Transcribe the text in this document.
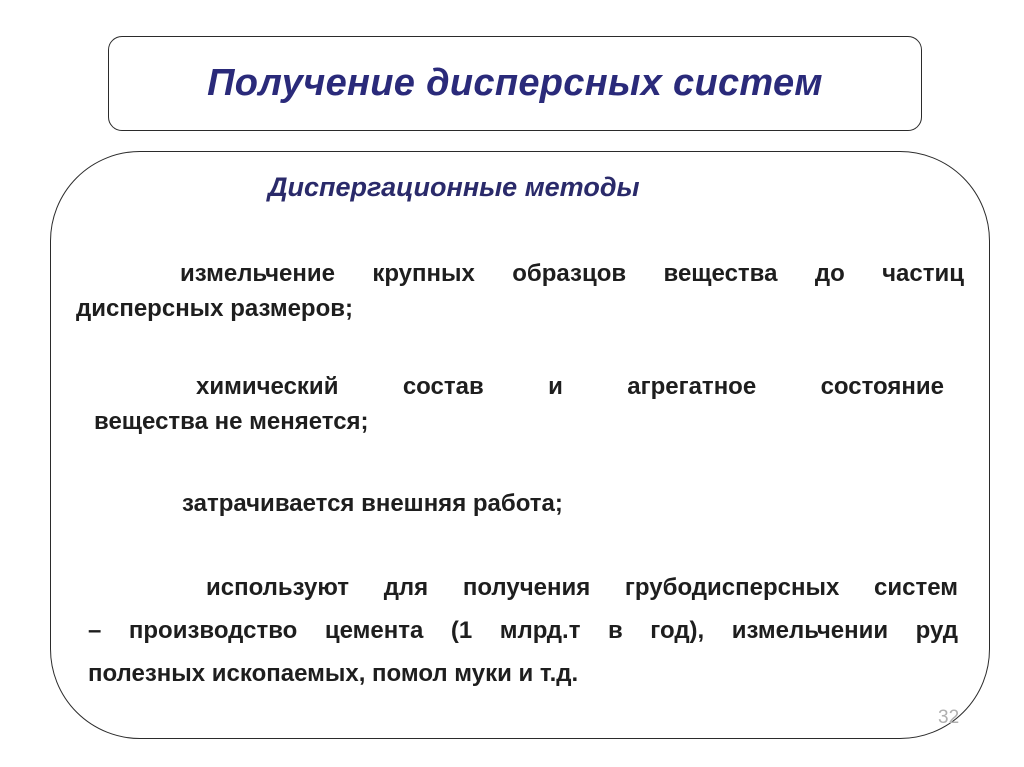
Получение дисперсных систем
Диспергационные методы

измельчение крупных образцов вещества до частиц
дисперсных размеров;

химический состав и агрегатное состояние
вещества не меняется;

затрачивается внешняя работа;

используют для получения грубодисперсных систем
– производство цемента (1 млрд.т в год), измельчении руд
полезных ископаемых, помол муки и т.д.

32
